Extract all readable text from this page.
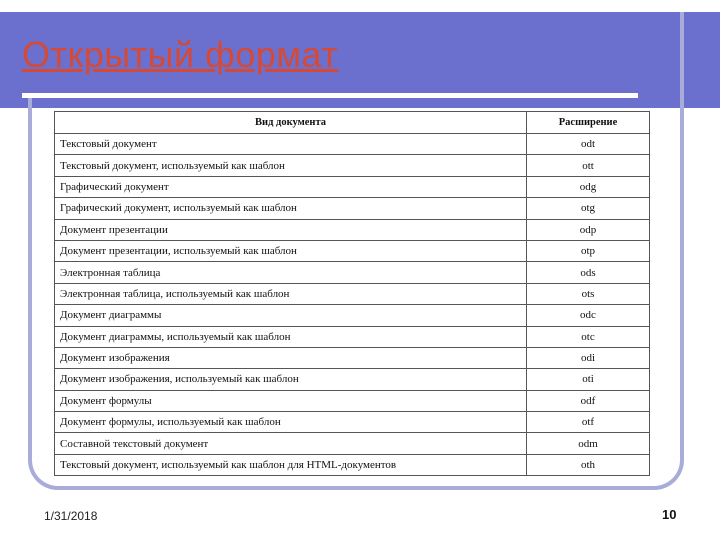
Открытый формат
Вид документа	Расширение
Текстовый документ	odt
Текстовый документ, используемый как шаблон	ott
Графический документ	odg
Графический документ, используемый как шаблон	otg
Документ презентации	odp
Документ презентации, используемый как шаблон	otp
Электронная таблица	ods
Электронная таблица, используемый как шаблон	ots
Документ диаграммы	odc
Документ диаграммы, используемый как шаблон	otc
Документ изображения	odi
Документ изображения, используемый как шаблон	oti
Документ формулы	odf
Документ формулы, используемый как шаблон	otf
Составной текстовый документ	odm
Текстовый документ, используемый как шаблон для HTML-документов	oth
1/31/2018	10
